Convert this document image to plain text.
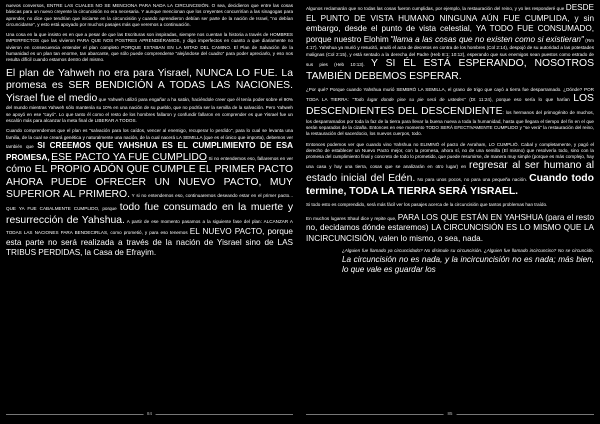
nuevos conversos, ENTRE LAS CUALES NO SE MENCIONA PARA NADA LA CIRCUNCISIÓN. O sea, decidieron que entre las cosas básicas para un nuevo creyente la circuncisión no era necesaria. Y aunque mencionan que los creyentes concurrirían a las sinagogas para aprender, no dice que tendrían que iniciarse en la circuncisión y cuando aprendieron debían ser parte de la nación de Israel, "no debían circuncidarse", y esto está apoyado por muchos pasajes más que veremos a continuación.

Una cosa en la que insisto es en que a pesar de que las Escrituras son inspiradas, siempre nos cuentan la historia a través de HOMBRES IMPERFECTOS que las vivieron PARA QUE NOS POSTRES APRENDIÉRAMOS, y digo imperfectos en cuanto a que diariamente no vivieron en consecuencia entender el plan completo PORQUE ESTABAN EN LA MITAD DEL CAMINO. El Plan de Salvación de la humanidad es un plan tan enorme, tan abarcante, que sólo puede comprenderse "alejándose del cuadro" para poder apreciarlo, y eso nos resulta difícil cuando estamos dentro del mismo.

El plan de Yahweh no era para Yisrael, NUNCA LO FUE. La promesa es SER BENDICIÓN A TODAS LAS NACIONES. Yisrael fue el medio que Yahweh utilizó para engañar a ha satán, haciéndole creer que él tenía poder sobre el 90% del mundo mientras Yahweh sólo mantenía su 10% en una nación de su pueblo, que no podría ser la semilla de la salvación. Pero Yahweh se apoyó en ese "cayó". Lo que tanto él como el resto de los hombres fallaron y confundir fallaron en comprender es que Yisrael fue un escalón más para alcanzar la meta final de LIBERAR A TODOS.

Cuando comprendemos que el plan es "salvación para los caídos, vencer al enemigo, recuperar lo perdido", para lo cual se levanta una familia, de la cual se creará genética y naturalmente una nación, de la cual nacerá LA SEMILLA (que es el único que importa), debemos ver también que SI CREEMOS QUE YAHSHUA ES EL CUMPLIMIENTO DE ESA PROMESA, ESE PACTO YA FUE CUMPLIDO Si no entendemos eso, fallaremos en ver cómo EL PROPIO ADÓN QUE CUMPLE EL PRIMER PACTO AHORA PUEDE OFRECER UN NUEVO PACTO, MUY SUPERIOR AL PRIMERO. Y si no entendemos eso, continuaremos deseando estar en el primer pacto... QUE YA FUE CABALMENTE CUMPLIDO, porque todo fue consumado en la muerte y resurrección de Yahshua. A partir de ese momento pasamos a la siguiente fase del plan: ALCANZAR A TODAS LAS NACIONES PARA BENDECIRLAS, como prometió, y para eso tenemos EL NUEVO PACTO, porque esta parte no será realizada a través de la nación de Yisrael sino de LAS TRIBUS PERDIDAS, la Casa de Efrayim.

84

Algunos reclamarán que no todas las cosas fueron cumplidas, por ejemplo, la restauración del reino, y yo les responderé que DESDE EL PUNTO DE VISTA HUMANO NINGUNA AÚN FUE CUMPLIDA, y sin embargo, desde el punto de vista celestial, YA TODO FUE CONSUMADO, porque nuestro Elohim "llama a las cosas que no existen como si existieran" (Rm 4:17). Yahshua ya murió y resucitó, anuló el acta de decretos en contra de los hombres (Col 2:14), despojó de su autoridad a las potestades malignas (Col 2:15), y está sentado a la derecha del Padre (Heb 8:1; 10:12), esperando que sus enemigos sean puestos como estrado de sus pies (Heb 10:13). Y SI ÉL ESTÁ ESPERANDO, NOSOTROS TAMBIÉN DEBEMOS ESPERAR.

¿Por qué? Porque cuando Yahshua murió SEMBRÓ LA SEMILLA, el grano de trigo que cayó a tierra fue desparramado. ¿Dónde? POR TODA LA TIERRA: "Todo lugar donde pise su pie será de ustedes" (Dt 11:24), porque eso sería lo que harían LOS DESCENDIENTES DEL DESCENDIENTE: los hermanos del primogénito de muchos, los desparramados por toda la faz de la tierra para llevar la buena nueva a toda la humanidad, hasta que llegara el tiempo del fin en el que serán separados de la cizaña. Entonces en ese momento TODO SERÁ EFECTIVAMENTE CUMPLIDO y "se verá" la restauración del reino, la restauración del sacerdocio, los nuevos cuerpos, todo.

Entonces podemos ver que cuando vino Yahshua no ELIMINÓ el pacto de Avraham, LO CUMPLIÓ. Cabal y completamente, y pagó el derecho de establecer un Nuevo Pacto mejor, con la promesa, ahora sí, no de una semilla (El mismo) que resolvería todo, sino con la promesa del cumplimiento final y concreto de todo lo prometido, que puede resumirse, de manera muy simple (porque es más complejo, hay una casa y hay una tierra, cosas que se analizarán en otro lugar) en regresar al ser humano al estado inicial del Edén. No para unos pocos, no para una pequeña nación. Cuando todo termine, TODA LA TIERRA SERÁ YISRAEL.

Si todo esto es comprendido, será más fácil ver los pasajes acerca de la circuncisión que tantos problemas han traído.

En muchos lugares Shaul dice y repite que, PARA LOS QUE ESTÁN EN YAHSHUA (para el resto no, decidamos dónde estaremos) LA CIRCUNCISIÓN ES LO MISMO QUE LA INCIRCUNCISIÓN, valen lo mismo, o sea, nada.

¿Alguien fue llamado ya circuncidado? No disimule su circuncisión. ¿Alguien fue llamado incircunciso? No se circuncide. La circuncisión no es nada, y la incircuncisión no es nada; más bien, lo que vale es guardar los

85
